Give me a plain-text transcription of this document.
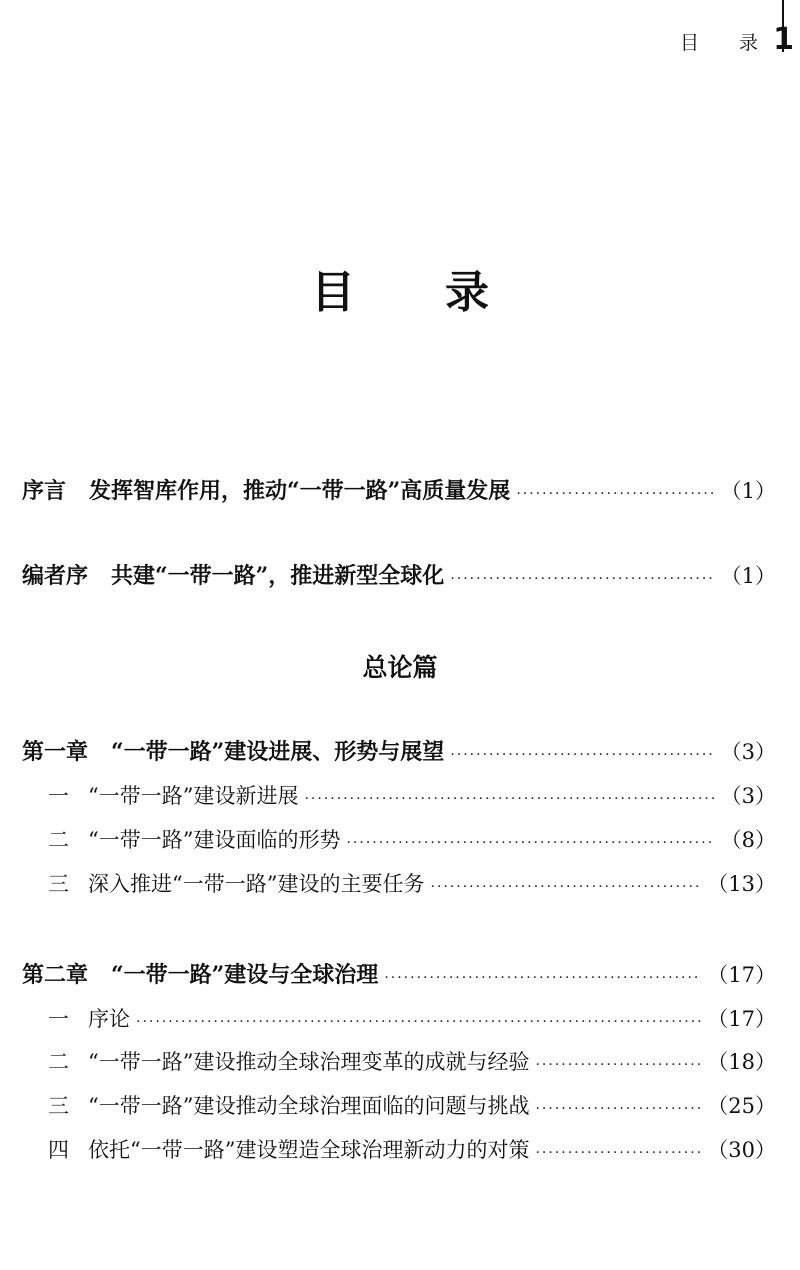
目 录 1
目 录
序言 发挥智库作用，推动“一带一路”高质量发展 ·····	（1）
编者序 共建“一带一路”，推进新型全球化 ·····	（1）
总论篇
第一章 “一带一路”建设进展、形势与展望 ·····	（3）
一 “一带一路”建设新进展 ·····	（3）
二 “一带一路”建设面临的形势 ·····	（8）
三 深入推进“一带一路”建设的主要任务 ·····	（13）
第二章 “一带一路”建设与全球治理 ·····	（17）
一 序论 ·····	（17）
二 “一带一路”建设推动全球治理变革的成就与经验 ·····	（18）
三 “一带一路”建设推动全球治理面临的问题与挑战 ·····	（25）
四 依托“一带一路”建设塑造全球治理新动力的对策 ·····	（30）
